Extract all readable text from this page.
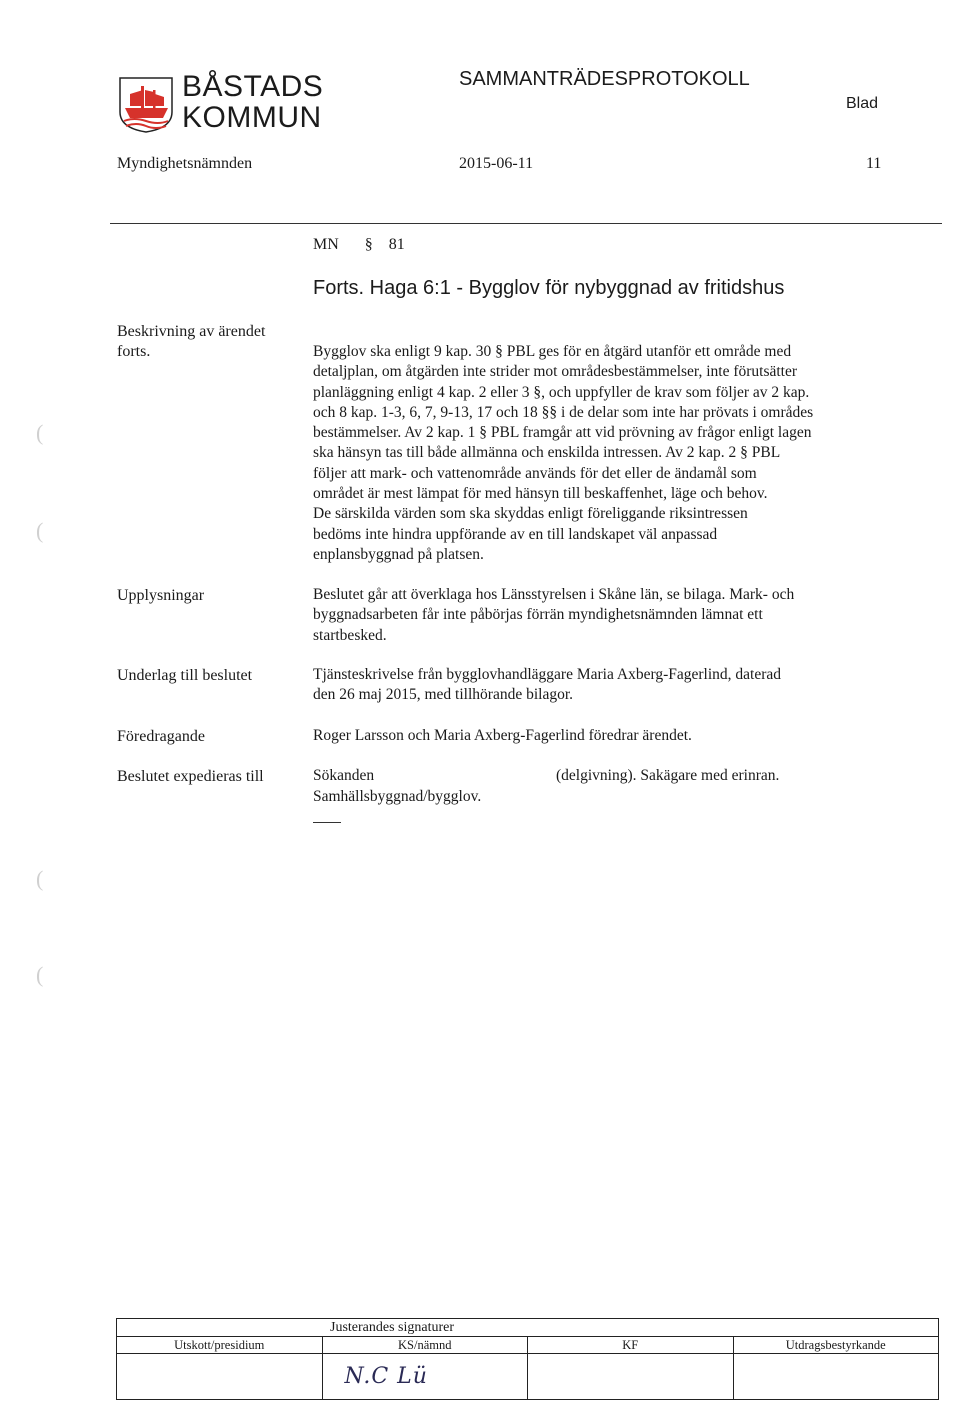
BÅSTADS
KOMMUN
SAMMANTRÄDESPROTOKOLL
Blad
Myndighetsnämnden	2015-06-11	11
MN § 81
Forts. Haga 6:1 - Bygglov för nybyggnad av fritidshus
Beskrivning av ärendet
forts.	Bygglov ska enligt 9 kap. 30 § PBL ges för en åtgärd utanför ett område med

detaljplan, om åtgärden inte strider mot områdesbestämmelser, inte förutsätter

planläggning enligt 4 kap. 2 eller 3 §, och uppfyller de krav som följer av 2 kap.

och 8 kap. 1-3, 6, 7, 9-13, 17 och 18 §§ i de delar som inte har prövats i områdes

bestämmelser. Av 2 kap. 1 § PBL framgår att vid prövning av frågor enligt lagen

ska hänsyn tas till både allmänna och enskilda intressen. Av 2 kap. 2 § PBL

följer att mark- och vattenområde används för det eller de ändamål som

området är mest lämpat för med hänsyn till beskaffenhet, läge och behov.

De särskilda värden som ska skyddas enligt föreliggande riksintressen

bedöms inte hindra uppförande av en till landskapet väl anpassad

enplansbyggnad på platsen.

Upplysningar	Beslutet går att överklaga hos Länsstyrelsen i Skåne län, se bilaga. Mark- och

byggnadsarbeten får inte påbörjas förrän myndighetsnämnden lämnat ett

startbesked.

Underlag till beslutet	Tjänsteskrivelse från bygglovhandläggare Maria Axberg-Fagerlind, daterad

den 26 maj 2015, med tillhörande bilagor.

Föredragande	Roger Larsson och Maria Axberg-Fagerlind föredrar ärendet.
Beslutet expedieras till	Sökanden	(delgivning). Sakägare med erinran.
Samhällsbyggnad/bygglov.
(
(
(
(
	Justerandes signaturer		
Utskott/presidium	KS/nämnd	KF	Utdragsbestyrkande
	N.C Lü		
